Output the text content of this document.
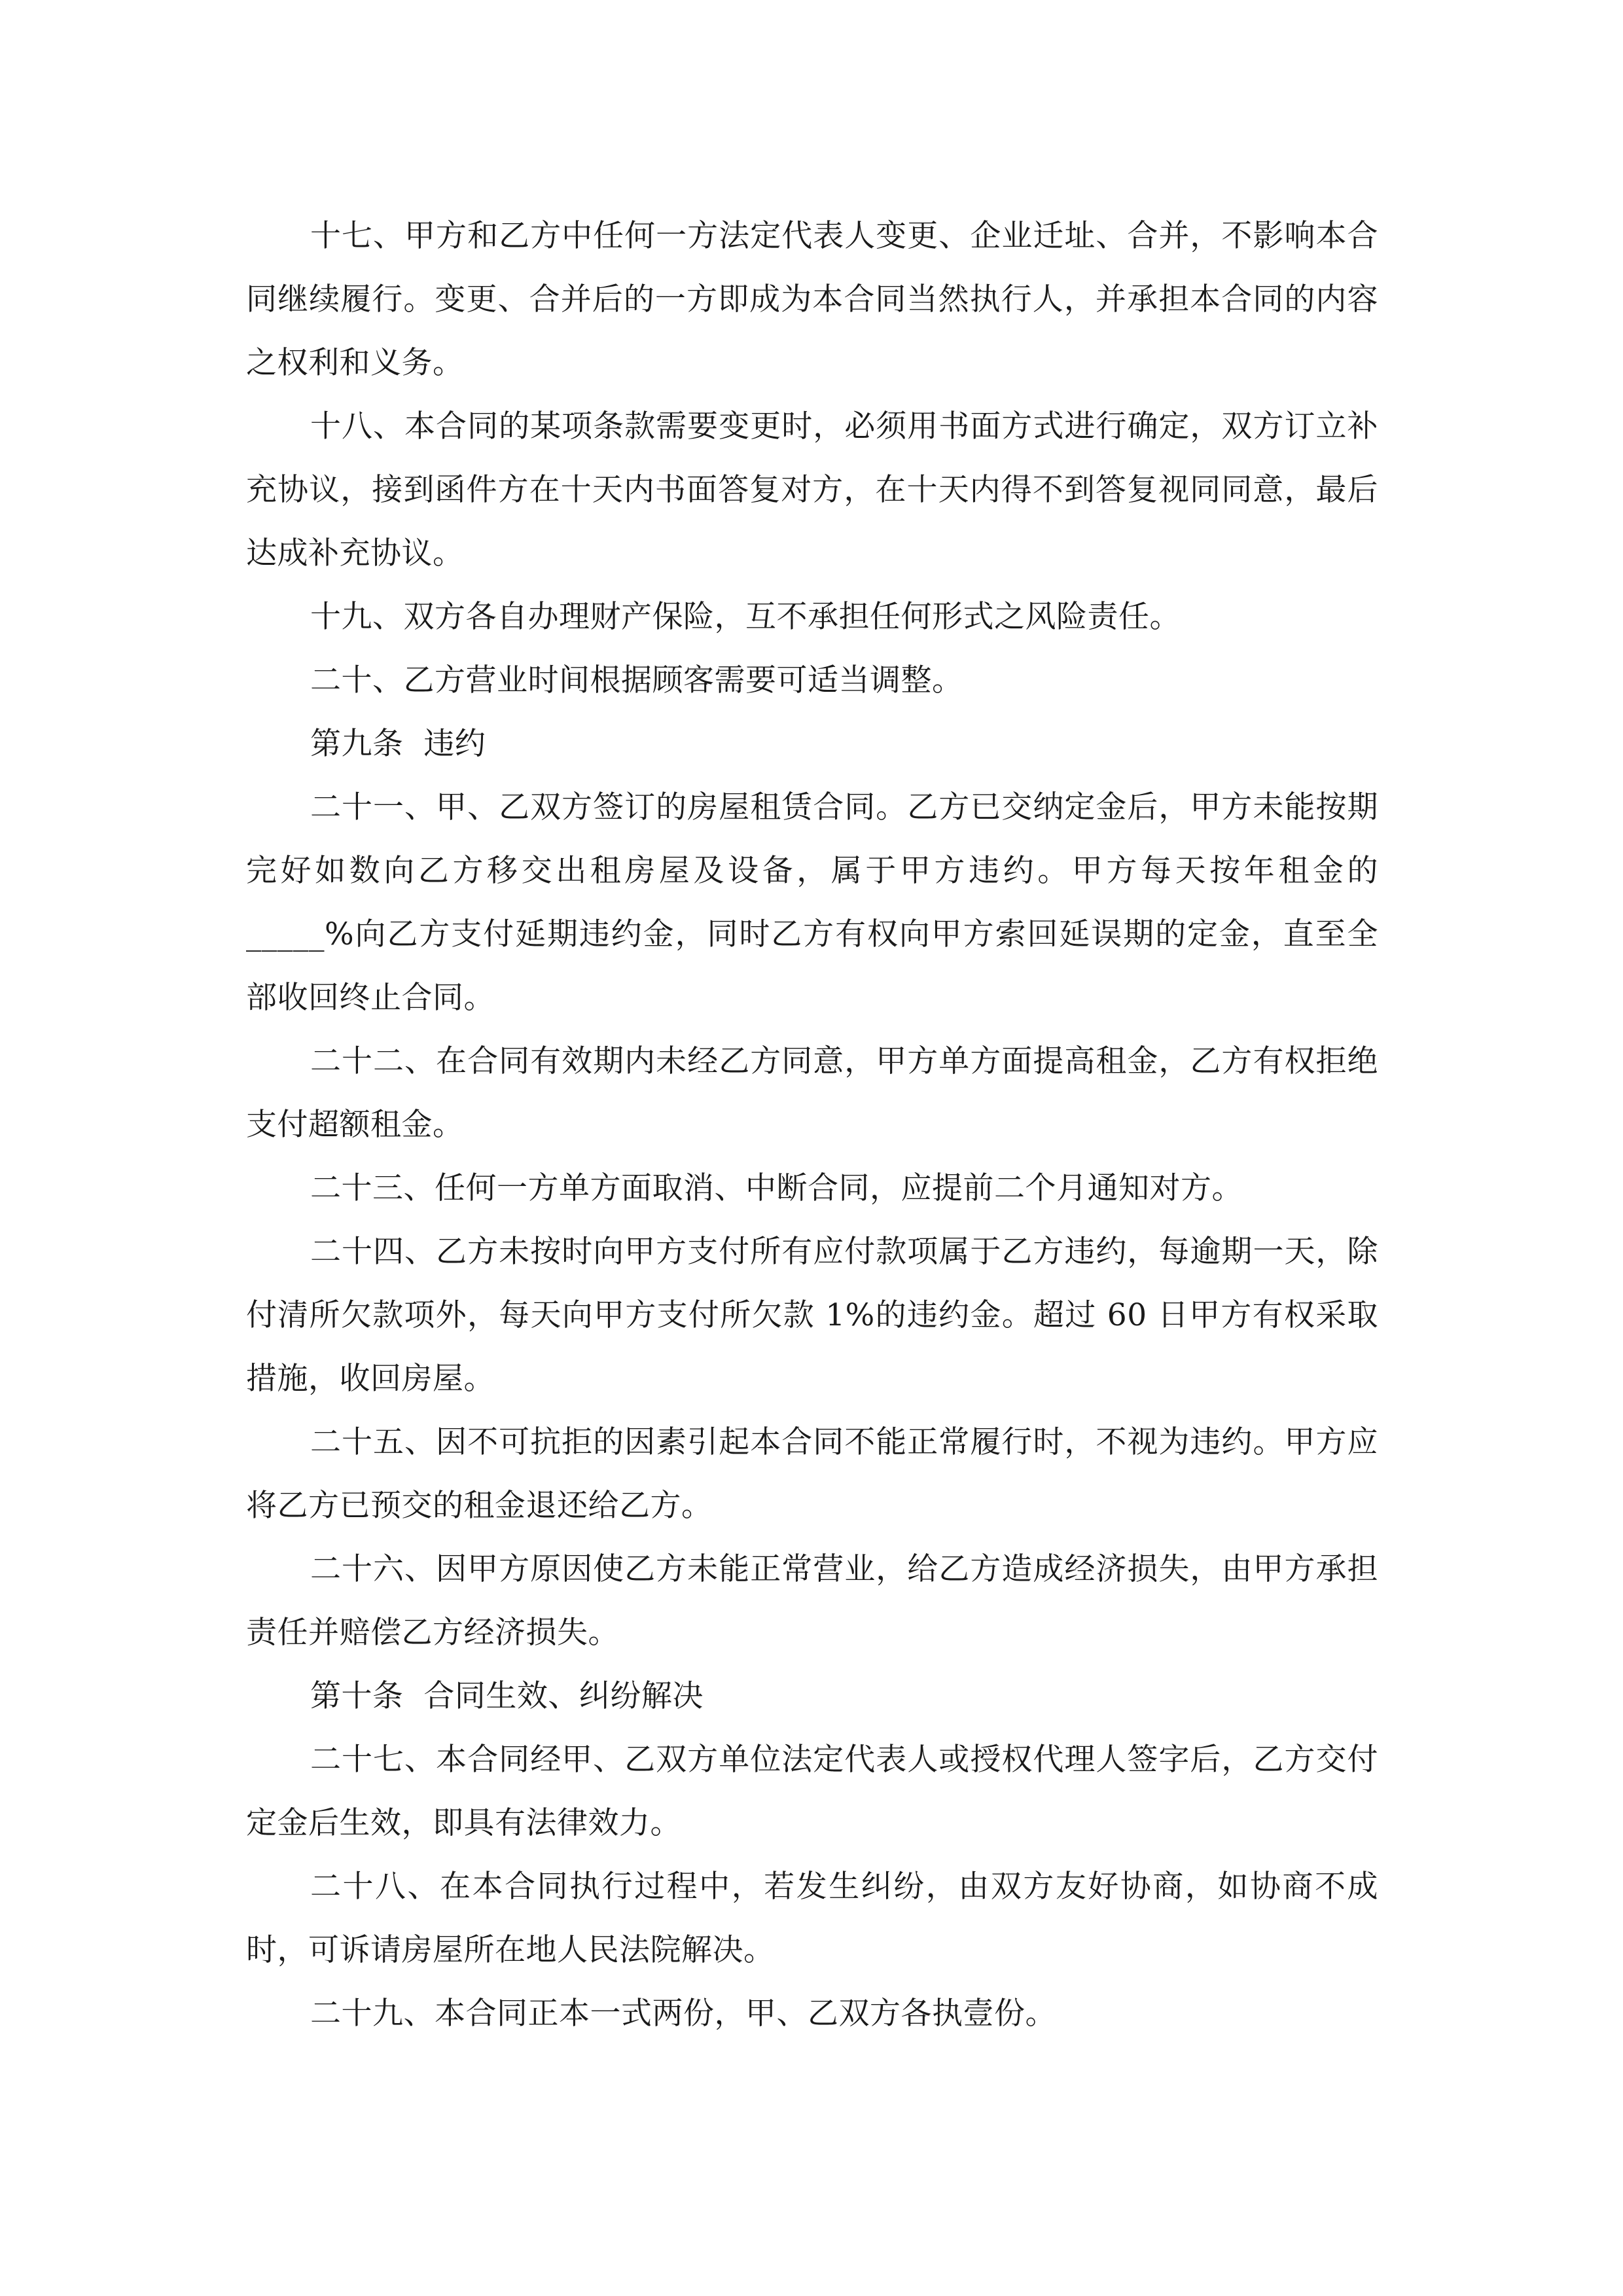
十七、甲方和乙方中任何一方法定代表人变更、企业迁址、合并，不影响本合同继续履行。变更、合并后的一方即成为本合同当然执行人，并承担本合同的内容之权利和义务。

十八、本合同的某项条款需要变更时，必须用书面方式进行确定，双方订立补充协议，接到函件方在十天内书面答复对方，在十天内得不到答复视同同意，最后达成补充协议。

十九、双方各自办理财产保险，互不承担任何形式之风险责任。

二十、乙方营业时间根据顾客需要可适当调整。

第九条  违约

二十一、甲、乙双方签订的房屋租赁合同。乙方已交纳定金后，甲方未能按期完好如数向乙方移交出租房屋及设备，属于甲方违约。甲方每天按年租金的_____%向乙方支付延期违约金，同时乙方有权向甲方索回延误期的定金，直至全部收回终止合同。

二十二、在合同有效期内未经乙方同意，甲方单方面提高租金，乙方有权拒绝支付超额租金。

二十三、任何一方单方面取消、中断合同，应提前二个月通知对方。

二十四、乙方未按时向甲方支付所有应付款项属于乙方违约，每逾期一天，除付清所欠款项外，每天向甲方支付所欠款 1%的违约金。超过 60 日甲方有权采取措施，收回房屋。

二十五、因不可抗拒的因素引起本合同不能正常履行时，不视为违约。甲方应将乙方已预交的租金退还给乙方。

二十六、因甲方原因使乙方未能正常营业，给乙方造成经济损失，由甲方承担责任并赔偿乙方经济损失。

第十条  合同生效、纠纷解决

二十七、本合同经甲、乙双方单位法定代表人或授权代理人签字后，乙方交付定金后生效，即具有法律效力。

二十八、在本合同执行过程中，若发生纠纷，由双方友好协商，如协商不成时，可诉请房屋所在地人民法院解决。

二十九、本合同正本一式两份，甲、乙双方各执壹份。
